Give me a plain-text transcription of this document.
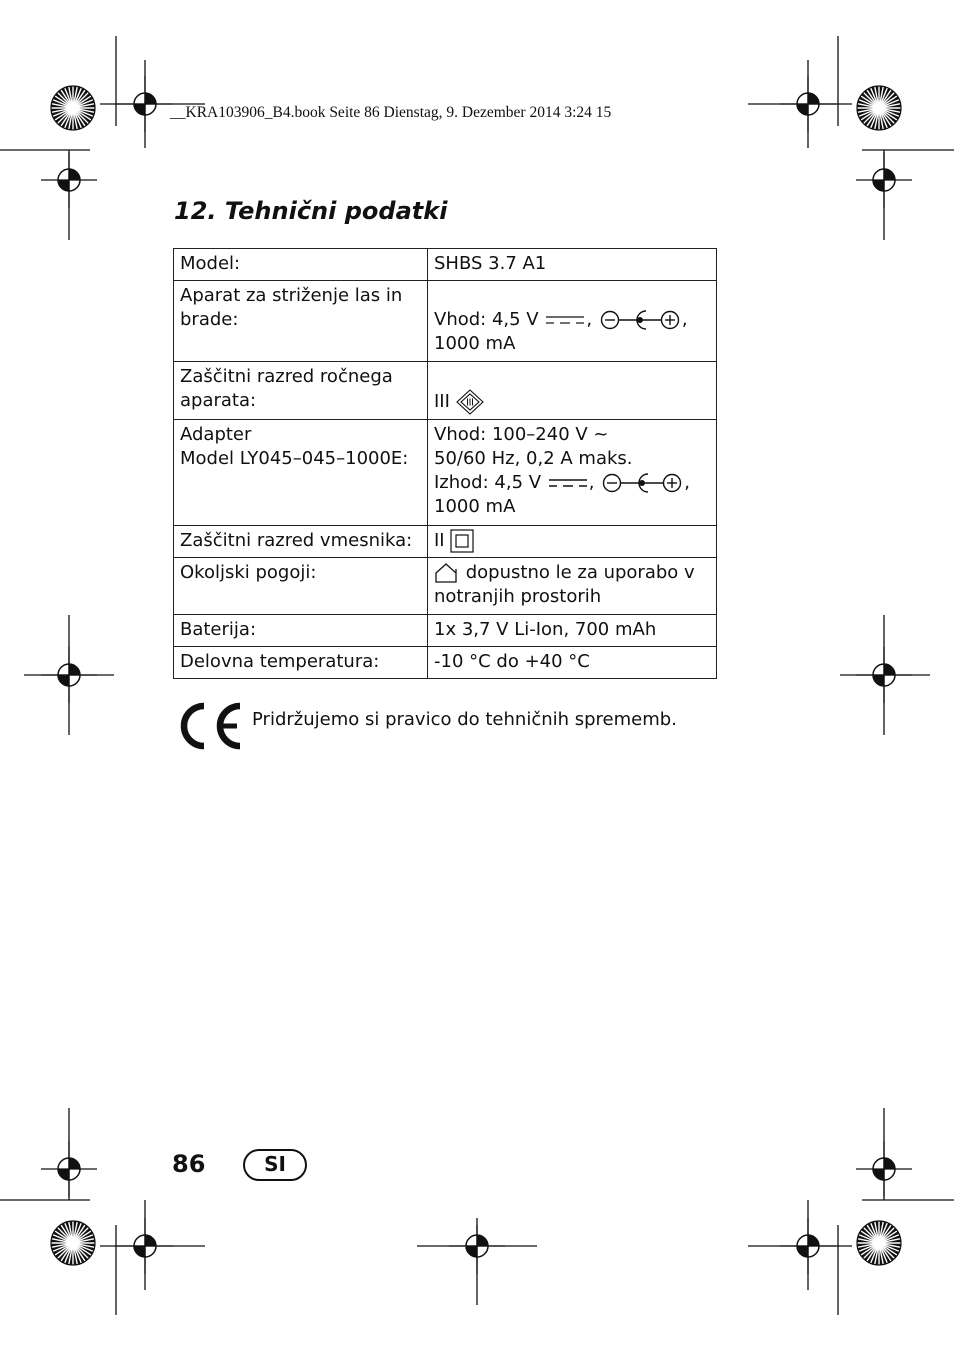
__KRA103906_B4.book Seite 86 Dienstag, 9. Dezember 2014 3:24 15
12. Tehnični podatki
Model:	SHBS 3.7 A1
Aparat za striženje las in brade:	Vhod: 4,5 V , ,
1000 mA
Zaščitni razred ročnega aparata:	III
Adapter
Model LY045–045–1000E:	Vhod: 100–240 V ~
50/60 Hz, 0,2 A maks.
Izhod: 4,5 V , ,
1000 mA
Zaščitni razred vmesnika:	II
Okoljski pogoji:	dopustno le za uporabo v notranjih prostorih
Baterija:	1x 3,7 V Li-Ion, 700 mAh
Delovna temperatura:	-10 °C do +40 °C
Pridržujemo si pravico do tehničnih sprememb.
86	SI
